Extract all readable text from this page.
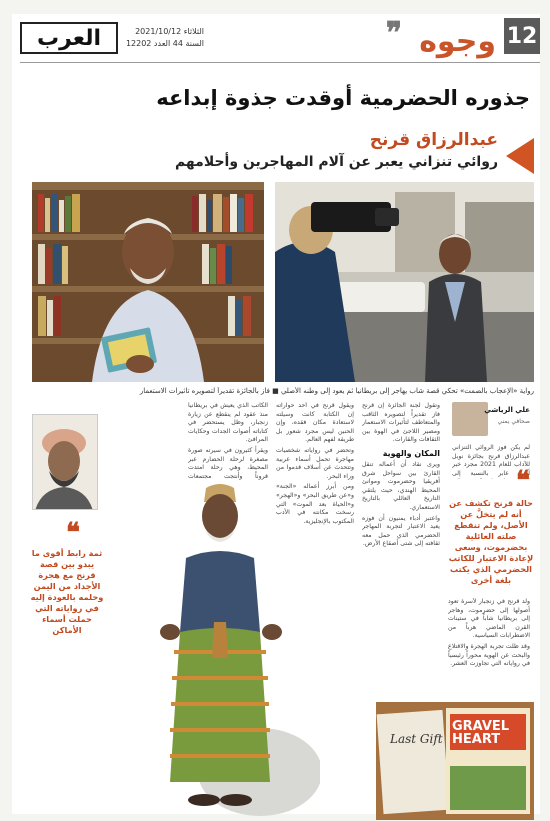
12
وجوه
❞
العرب	الثلاثاء 2021/10/12
السنة 44 العدد 12202
جذوره الحضرمية أوقدت جذوة إبداعه
عبدالرزاق قرنح
روائي تنزاني يعبر عن آلام المهاجرين وأحلامهم
رواية «الإعجاب بالصمت» تحكي قصة شاب يهاجر إلى بريطانيا ثم يعود إلى وطنه الأصلي ■ فاز بالجائزة تقديراً لتصويره تأثيرات الاستعمار
علي الرياشي
صحافي يمني

لم يكن فوز الروائي التنزاني عبدالرزاق قرنح بجائزة نوبل للآداب للعام 2021 مجرد خبر أدبي عابر بالنسبة إلى	❝
حالة قرنح تكشف عن أنه لم يتخلَّ عن الأصل، ولم تنقطع صلته العائلية بحضرموت، وسعى لإعادة الاعتبار للكاتب الحضرمي الذي يكتب بلغة أخرى

ولد قرنح في زنجبار لأسرة تعود أصولها إلى حضرموت، وهاجر إلى بريطانيا شاباً في ستينات القرن الماضي هرباً من الاضطرابات السياسية.

وقد ظلت تجربة الهجرة والاقتلاع والبحث عن الهوية محوراً رئيسياً في رواياته التي تجاوزت العشر.

وتقول لجنة الجائزة إن قرنح فاز تقديراً لتصويره الثاقب والمتعاطف لتأثيرات الاستعمار ومصير اللاجئ في الهوة بين الثقافات والقارات.

المكان والهوية

ويرى نقاد أن أعماله تنقل القارئ بين سواحل شرق أفريقيا وحضرموت وموانئ المحيط الهندي، حيث يلتقي التاريخ العائلي بالتاريخ الاستعماري.

واعتبر أدباء يمنيون أن فوزه يعيد الاعتبار لتجربة المهاجر الحضرمي الذي حمل معه ثقافته إلى شتى أصقاع الأرض.

ويقول قرنح في أحد حواراته إن الكتابة كانت وسيلته لاستعادة مكان فقده، وإن الحنين ليس مجرد شعور بل طريقة لفهم العالم.

وتحضر في رواياته شخصيات مهاجرة تحمل أسماء عربية وتتحدث عن أسلاف قدموا من وراء البحر.

ومن أبرز أعماله «الجنة» و«عن طريق البحر» و«الهجر» و«الحياة بعد الموت» التي رسخت مكانته في الأدب المكتوب بالإنجليزية.

الكاتب الذي يعيش في بريطانيا منذ عقود لم ينقطع عن زيارة زنجبار، وظل يستحضر في كتاباته أصوات الجدات وحكايات المرافئ.

ويقرأ كثيرون في سيرته صورة مصغرة لرحلة الحضارم عبر المحيط، وهي رحلة امتدت قروناً وأنتجت مجتمعات

❝
ثمة رابط أقوى ما يبدو بين قصة قرنح مع هجرة الأجداد من اليمن وحلمه بالعودة إليه في رواياته التي حملت أسماء الأماكن
Last Gift
GRAVEL HEART
